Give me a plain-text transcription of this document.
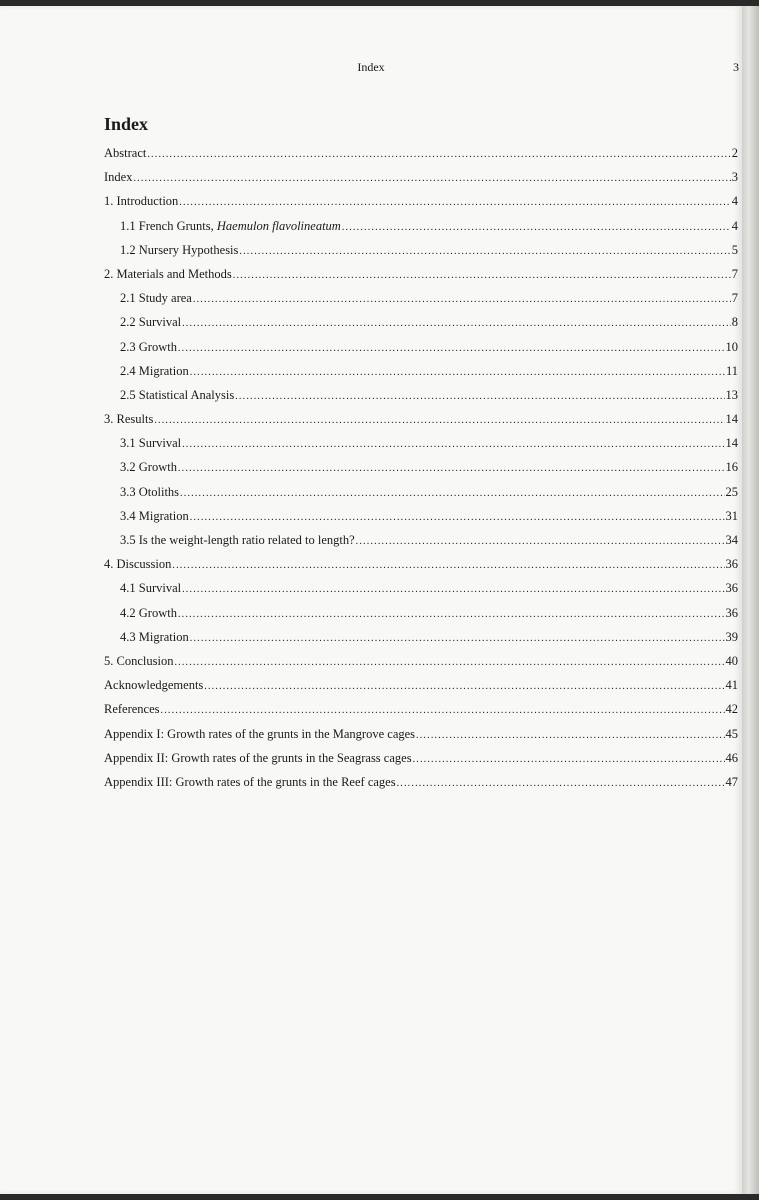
Index	3
Index
Abstract .....	2
Index .....	3
1. Introduction .....	4
1.1 French Grunts, Haemulon flavolineatum .....	4
1.2 Nursery Hypothesis .....	5
2. Materials and Methods .....	7
2.1 Study area .....	7
2.2 Survival .....	8
2.3 Growth .....	10
2.4 Migration .....	11
2.5 Statistical Analysis .....	13
3. Results .....	14
3.1 Survival .....	14
3.2 Growth .....	16
3.3 Otoliths .....	25
3.4 Migration .....	31
3.5 Is the weight-length ratio related to length? .....	34
4. Discussion .....	36
4.1 Survival .....	36
4.2 Growth .....	36
4.3 Migration .....	39
5. Conclusion .....	40
Acknowledgements .....	41
References .....	42
Appendix I: Growth rates of the grunts in the Mangrove cages .....	45
Appendix II: Growth rates of the grunts in the Seagrass cages .....	46
Appendix III: Growth rates of the grunts in the Reef cages .....	47
